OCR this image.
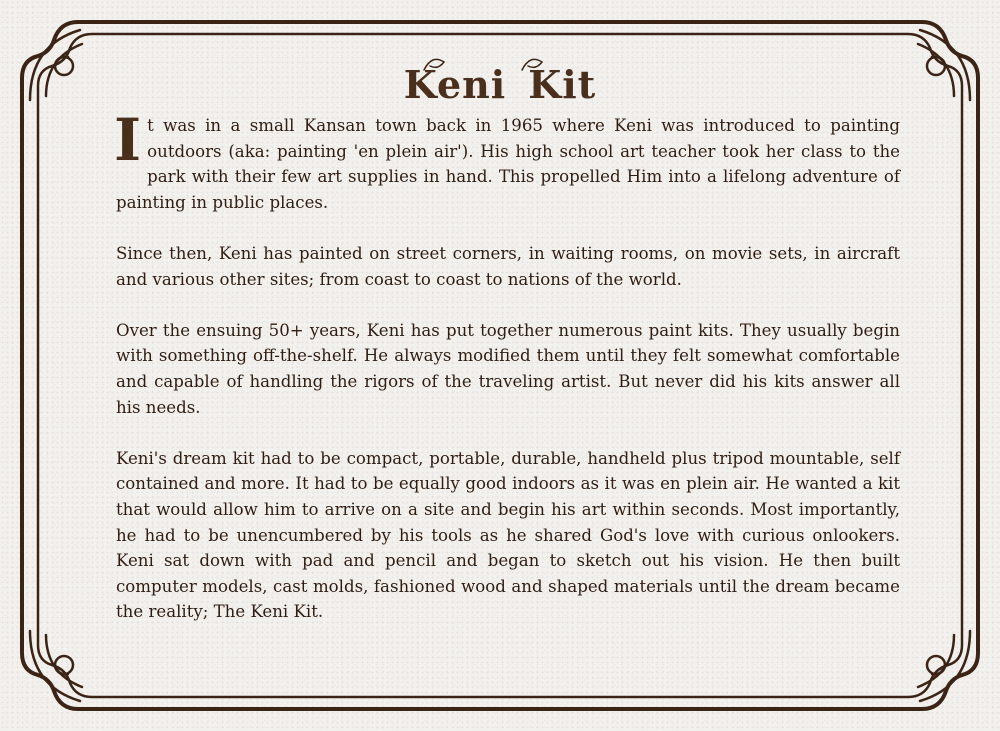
Keni Kit

It was in a small Kansan town back in 1965 where Keni was introduced to painting outdoors (aka: painting 'en plein air'). His high school art teacher took her class to the park with their few art supplies in hand. This propelled Him into a lifelong adventure of painting in public places.

Since then, Keni has painted on street corners, in waiting rooms, on movie sets, in aircraft and various other sites; from coast to coast to nations of the world.

Over the ensuing 50+ years, Keni has put together numerous paint kits. They usually begin with something off-the-shelf. He always modified them until they felt somewhat comfortable and capable of handling the rigors of the traveling artist. But never did his kits answer all his needs.

Keni's dream kit had to be compact, portable, durable, handheld plus tripod mountable, self contained and more. It had to be equally good indoors as it was en plein air. He wanted a kit that would allow him to arrive on a site and begin his art within seconds. Most importantly, he had to be unencumbered by his tools as he shared God's love with curious onlookers. Keni sat down with pad and pencil and began to sketch out his vision. He then built computer models, cast molds, fashioned wood and shaped materials until the dream became the reality; The Keni Kit.
